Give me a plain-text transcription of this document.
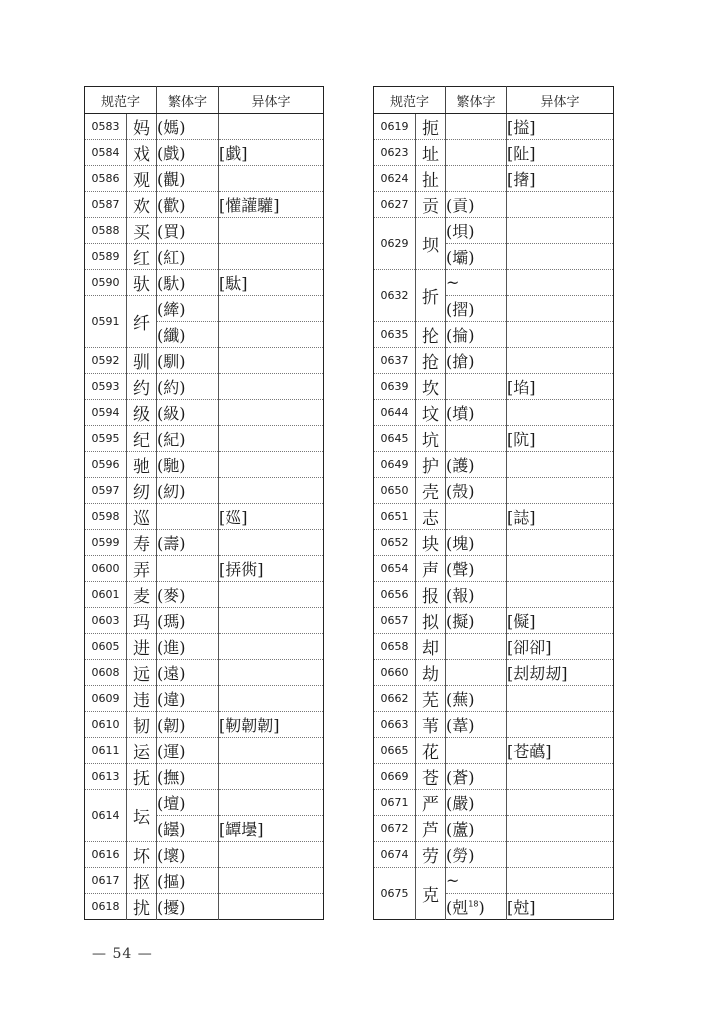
规范字		繁体字	异体字
0583	妈	(媽)	
0584	戏	(戲)	[戱]
0586	观	(觀)	
0587	欢	(歡)	[懽讙驩]
0588	买	(買)	
0589	红	(紅)	
0590	驮	(馱)	[駄]
0591	纤	(縴)	
		(纖)	
0592	驯	(馴)	
0593	约	(約)	
0594	级	(級)	
0595	纪	(紀)	
0596	驰	(馳)	
0597	纫	(紉)	
0598	巡		[廵]
0599	寿	(壽)	
0600	弄		[挵衖]
0601	麦	(麥)	
0603	玛	(瑪)	
0605	进	(進)	
0608	远	(遠)	
0609	违	(違)	
0610	韧	(韌)	[靭韌韌]
0611	运	(運)	
0613	抚	(撫)	
0614	坛	(壇)	
		(罎)	[罈壜]
0616	坏	(壞)	
0617	抠	(摳)	
0618	扰	(擾)	
规范字		繁体字	异体字
0619	扼		[搤]
0623	址		[阯]
0624	扯		[撦]
0627	贡	(貢)	
0629	坝	(垻)	
		(壩)	
0632	折	~	
		(摺)	
0635	抡	(掄)	
0637	抢	(搶)	
0639	坎		[埳]
0644	坟	(墳)	
0645	坑		[阬]
0649	护	(護)	
0650	壳	(殼)	
0651	志		[誌]
0652	块	(塊)	
0654	声	(聲)	
0656	报	(報)	
0657	拟	(擬)	[儗]
0658	却		[卻卻]
0660	劫		[刦刧刼]
0662	芜	(蕪)	
0663	苇	(葦)	
0665	花		[苍蘤]
0669	苍	(蒼)	
0671	严	(嚴)	
0672	芦	(蘆)	
0674	劳	(勞)	
0675	克	~	
		(剋$^{18}$)	[尅]
— 54 —
